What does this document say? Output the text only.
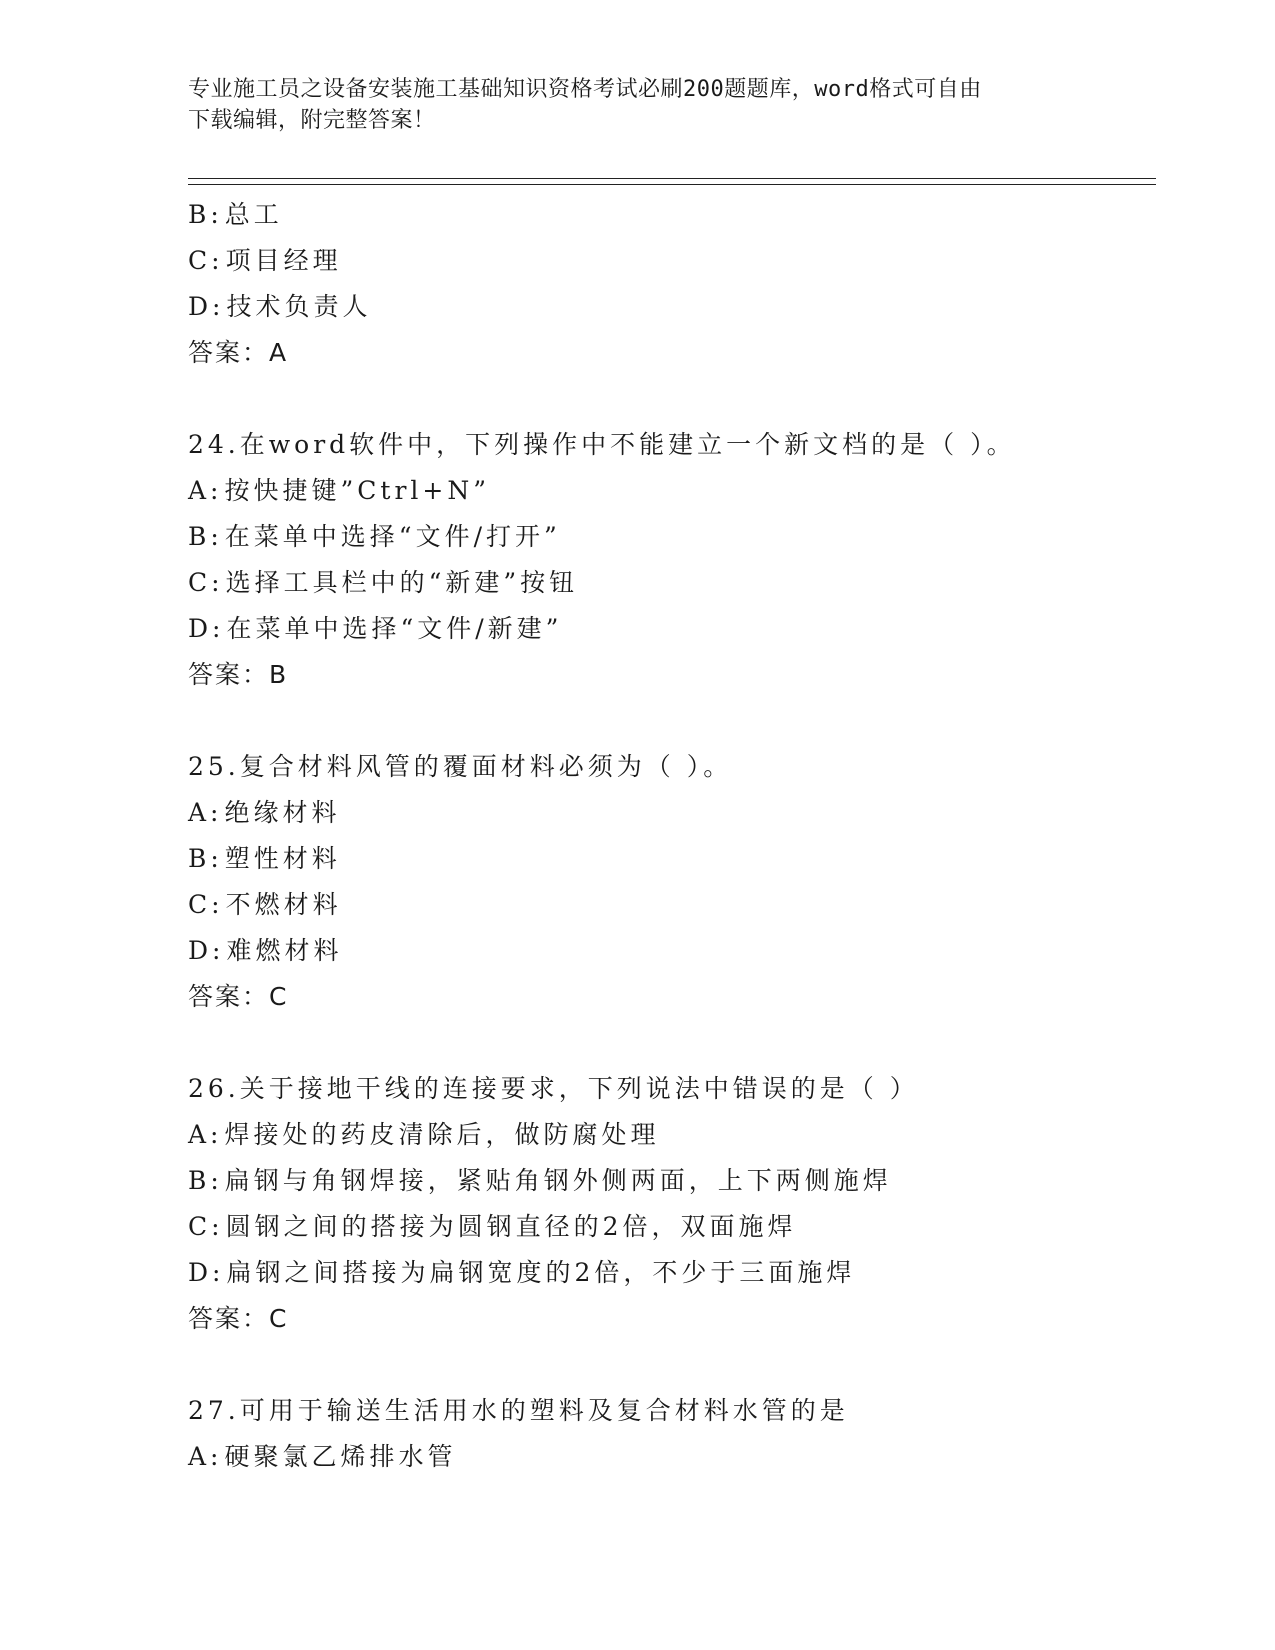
专业施工员之设备安装施工基础知识资格考试必刷200题题库，word格式可自由
下载编辑，附完整答案！
B:总工
C:项目经理
D:技术负责人
答案：A
24.在word软件中，下列操作中不能建立一个新文档的是（ ）。
A:按快捷键”Ctrl+N”
B:在菜单中选择“文件/打开”
C:选择工具栏中的“新建”按钮
D:在菜单中选择“文件/新建”
答案：B
25.复合材料风管的覆面材料必须为（ ）。
A:绝缘材料
B:塑性材料
C:不燃材料
D:难燃材料
答案：C
26.关于接地干线的连接要求，下列说法中错误的是（ ）
A:焊接处的药皮清除后，做防腐处理
B:扁钢与角钢焊接，紧贴角钢外侧两面，上下两侧施焊
C:圆钢之间的搭接为圆钢直径的2倍，双面施焊
D:扁钢之间搭接为扁钢宽度的2倍，不少于三面施焊
答案：C
27.可用于输送生活用水的塑料及复合材料水管的是
A:硬聚氯乙烯排水管
